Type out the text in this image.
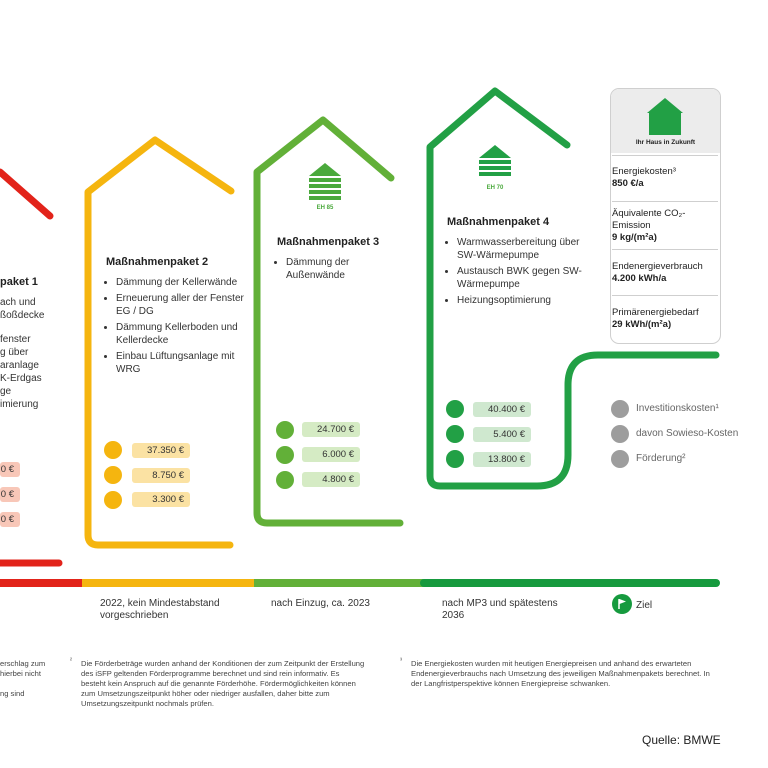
EH 85
EH 70
paket 1
ach und
ßoßdecke
fenster
g über
aranlage
K-Erdgas
ge
imierung
0 €
0 €
0 €
Maßnahmenpaket 2
• Dämmung der Kellerwände
• Erneuerung aller der Fenster EG / DG
• Dämmung Kellerboden und Kellerdecke
• Einbau Lüftungsanlage mit WRG
37.350 €
8.750 €
3.300 €
Maßnahmenpaket 3
• Dämmung der Außenwände
24.700 €
6.000 €
4.800 €
Maßnahmenpaket 4
• Warmwasserbereitung über SW-Wärmepumpe
• Austausch BWK gegen SW-Wärmepumpe
• Heizungsoptimierung
40.400 €
5.400 €
13.800 €
Ihr Haus in Zukunft
Energiekosten³
850 €/a
Äquivalente CO₂-Emission
9 kg/(m²a)
Endenergieverbrauch
4.200 kWh/a
Primärenergiebedarf
29 kWh/(m²a)
Investitionskosten¹
davon Sowieso-Kosten
Förderung²
2022, kein Mindestabstand vorgeschrieben
nach Einzug, ca. 2023	nach MP3 und spätestens 2036
Ziel
erschlag zum
hierbei nicht
ng sind
² Die Förderbeträge wurden anhand der Konditionen der zum Zeitpunkt der Erstellung des iSFP geltenden Förderprogramme berechnet und sind rein informativ. Es besteht kein Anspruch auf die genannte Förderhöhe. Fördermöglichkeiten können zum Umsetzungszeitpunkt höher oder niedriger ausfallen, daher bitte zum Umsetzungszeitpunkt nochmals prüfen.
³ Die Energiekosten wurden mit heutigen Energiepreisen und anhand des erwarteten Endenergieverbrauchs nach Umsetzung des jeweiligen Maßnahmenpakets berechnet. In der Langfristperspektive können Energiepreise schwanken.
Quelle: BMWE
